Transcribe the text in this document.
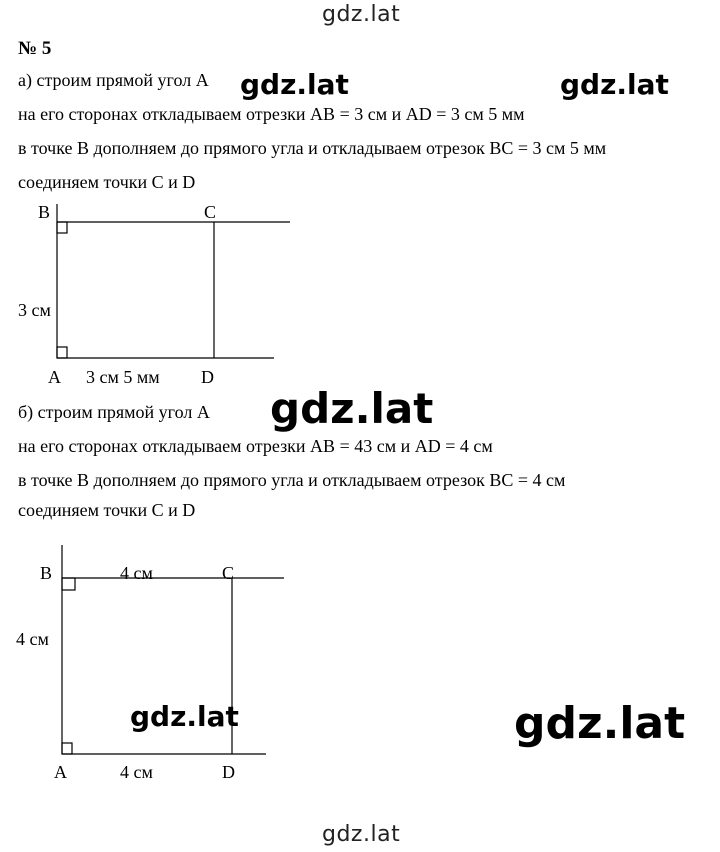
gdz.lat
gdz.lat
№ 5
а) строим прямой угол A
на его сторонах откладываем отрезки AB = 3 см и AD = 3 см 5 мм
в точке B дополняем до прямого угла и откладываем отрезок BC = 3 см 5 мм
соединяем точки C и D
B	C
3 см
A 3 см 5 мм D
б) строим прямой угол A
на его сторонах откладываем отрезки AB = 43 см и AD = 4 см
в точке B дополняем до прямого угла и откладываем отрезок BC = 4 см
соединяем точки C и D
B	4 см	C
4 см
A	4 см	D
gdz.lat	gdz.lat
gdz.lat
gdz.lat	gdz.lat
